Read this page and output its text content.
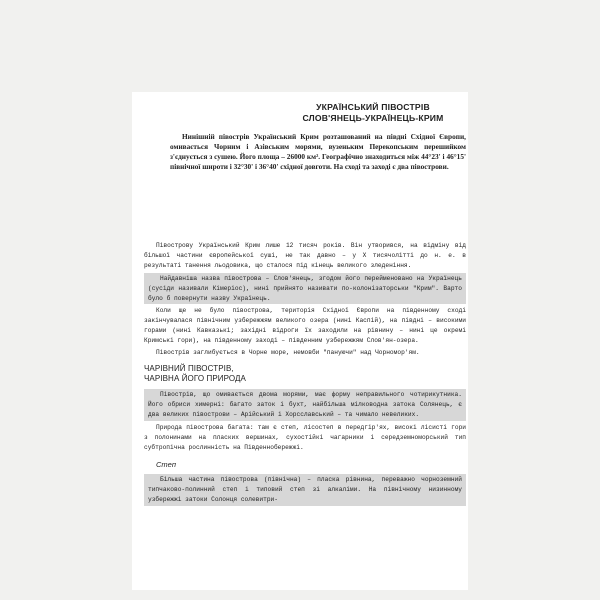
УКРАЇНСЬКИЙ ПІВОСТРІВ
СЛОВ'ЯНЕЦЬ-УКРАЇНЕЦЬ-КРИМ

Нинішній півострів Український Крим розташований на півдні Східної Європи, омивається Чорним і Азівським морями, вузеньким Перекопським перешийком з'єднується з сушею. Його площа – 26000 км². Географічно знаходиться між 44°23' і 46°15' північної широти і 32°30' і 36°40' східної довготи. На сході та заході є два півострови.

Півострову Український Крим лише 12 тисяч років. Він утворився, на відміну від більшої частини європейської суші, не так давно – у X тисячолітті до н. е. в результаті танення льодовика, що сталося під кінець великого зледеніння.

Найдавніша назва півострова – Слов'янець, згодом його перейменовано на Українець (сусіди називали Кімеріос), нині прийнято називати по-колонізаторськи "Крим". Варто було б повернути назву Українець.

Коли ще не було півострова, територія Східної Європи на південному сході закінчувалася північним узбережжям великого озера (нині Каспій), на півдні – високими горами (нині Кавказькі; західні відроги їх заходили на рівнину – нині це окремі Кримські гори), на південному заході – південним узбережжям Слов'ян-озера.

Півострів заглибується в Чорне море, немовби "пануючи" над Чорномор'ям.

ЧАРІВНИЙ ПІВОСТРІВ,
ЧАРІВНА ЙОГО ПРИРОДА

Півострів, що омивається двома морями, має форму неправильного чотирикутника. Його обриси химерні: багато заток і бухт, найбільша мілководна затока Солянець, є два великих півострови – Арійський і Хорсславський – та чимало невеликих.

Природа півострова багата: там є степ, лісостеп в передгір'ях, високі лісисті гори з полонинами на пласких вершинах, сухостійкі чагарники і середземноморський тип субтропічна рослинність на Південнобережжі.

Степ

Більша частина півострова (північна) – пласка рівнина, переважно чорноземний типчаково-полинний степ і типовий степ зі алкаліми. На північному низинному узбережжі затоки Солонця солевитри-
